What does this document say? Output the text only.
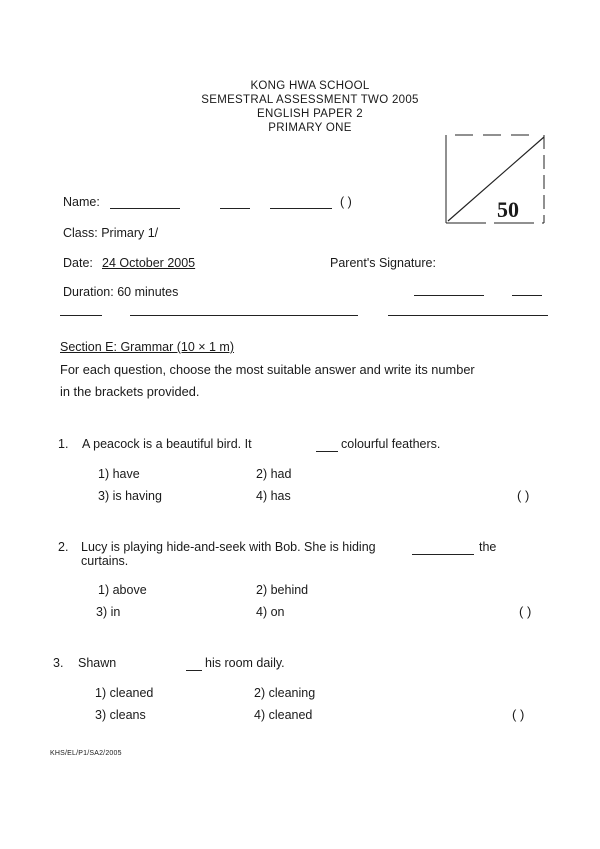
KONG HWA SCHOOL
SEMESTRAL ASSESSMENT TWO 2005
ENGLISH PAPER 2
PRIMARY ONE
50
Name:	( )
Class: Primary 1/
Date: 24 October 2005	Parent's Signature:
Duration: 60 minutes
Section E: Grammar (10 × 1 m)
For each question, choose the most suitable answer and write its number
in the brackets provided.
1. A peacock is a beautiful bird. It	colourful feathers.
1) have	2) had
3) is having	4) has	( )
2. Lucy is playing hide-and-seek with Bob. She is hiding	the
curtains.
1) above	2) behind
3) in	4) on	( )
3. Shawn	his room daily.
1) cleaned	2) cleaning
3) cleans	4) cleaned	( )
KHS/EL/P1/SA2/2005
